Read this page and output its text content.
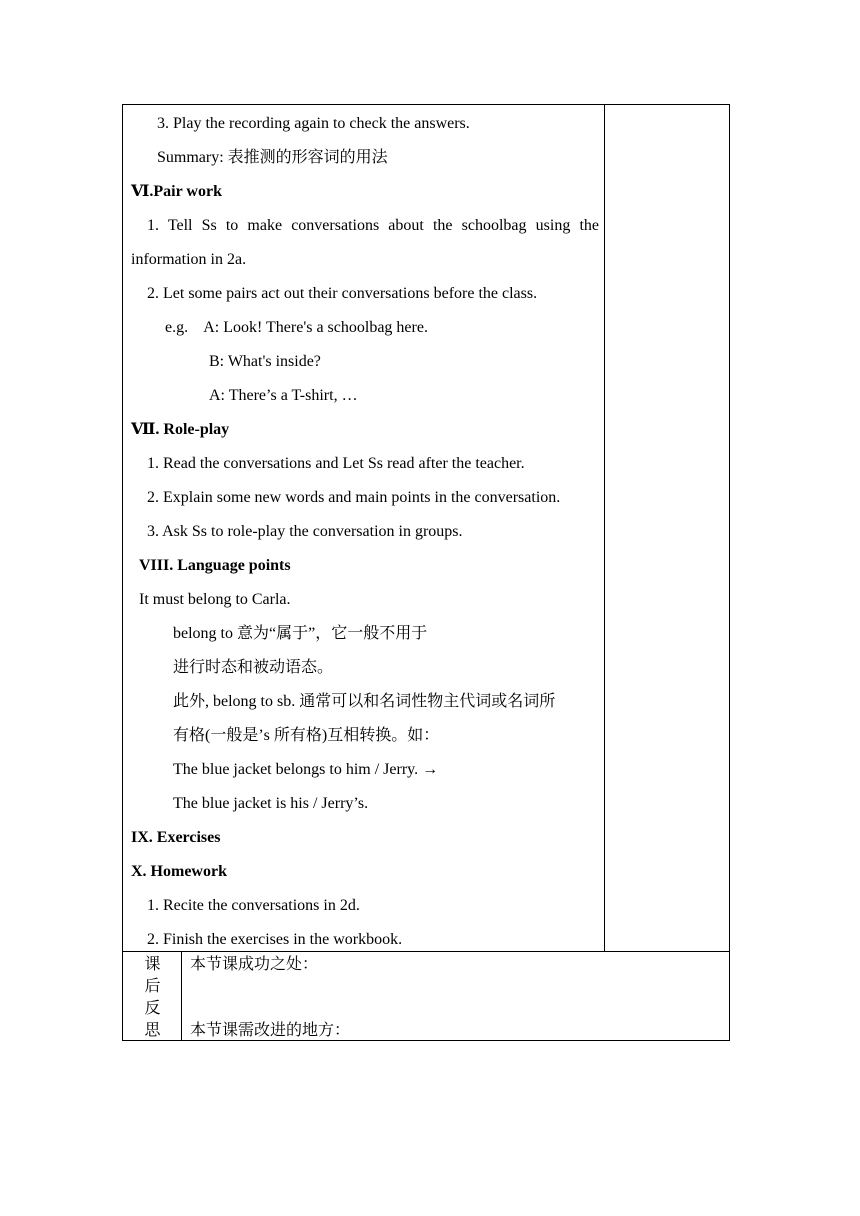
3. Play the recording again to check the answers.
Summary: 表推测的形容词的用法
Ⅵ.Pair work
1. Tell Ss to make conversations about the schoolbag using the
information in 2a.
2. Let some pairs act out their conversations before the class.
e.g.    A: Look! There's a schoolbag here.
B: What's inside?
A: There’s a T-shirt, …
Ⅶ. Role-play
1. Read the conversations and Let Ss read after the teacher.
2. Explain some new words and main points in the conversation.
3. Ask Ss to role-play the conversation in groups.
VIII. Language points
It must belong to Carla.
belong to 意为“属于”，它一般不用于
进行时态和被动语态。
此外, belong to sb. 通常可以和名词性物主代词或名词所
有格(一般是’s 所有格)互相转换。如：
The blue jacket belongs to him / Jerry. →
The blue jacket is his / Jerry’s.
IX. Exercises
X. Homework
1. Recite the conversations in 2d.
2. Finish the exercises in the workbook.
课
后
反
思
本节课成功之处：
本节课需改进的地方：
